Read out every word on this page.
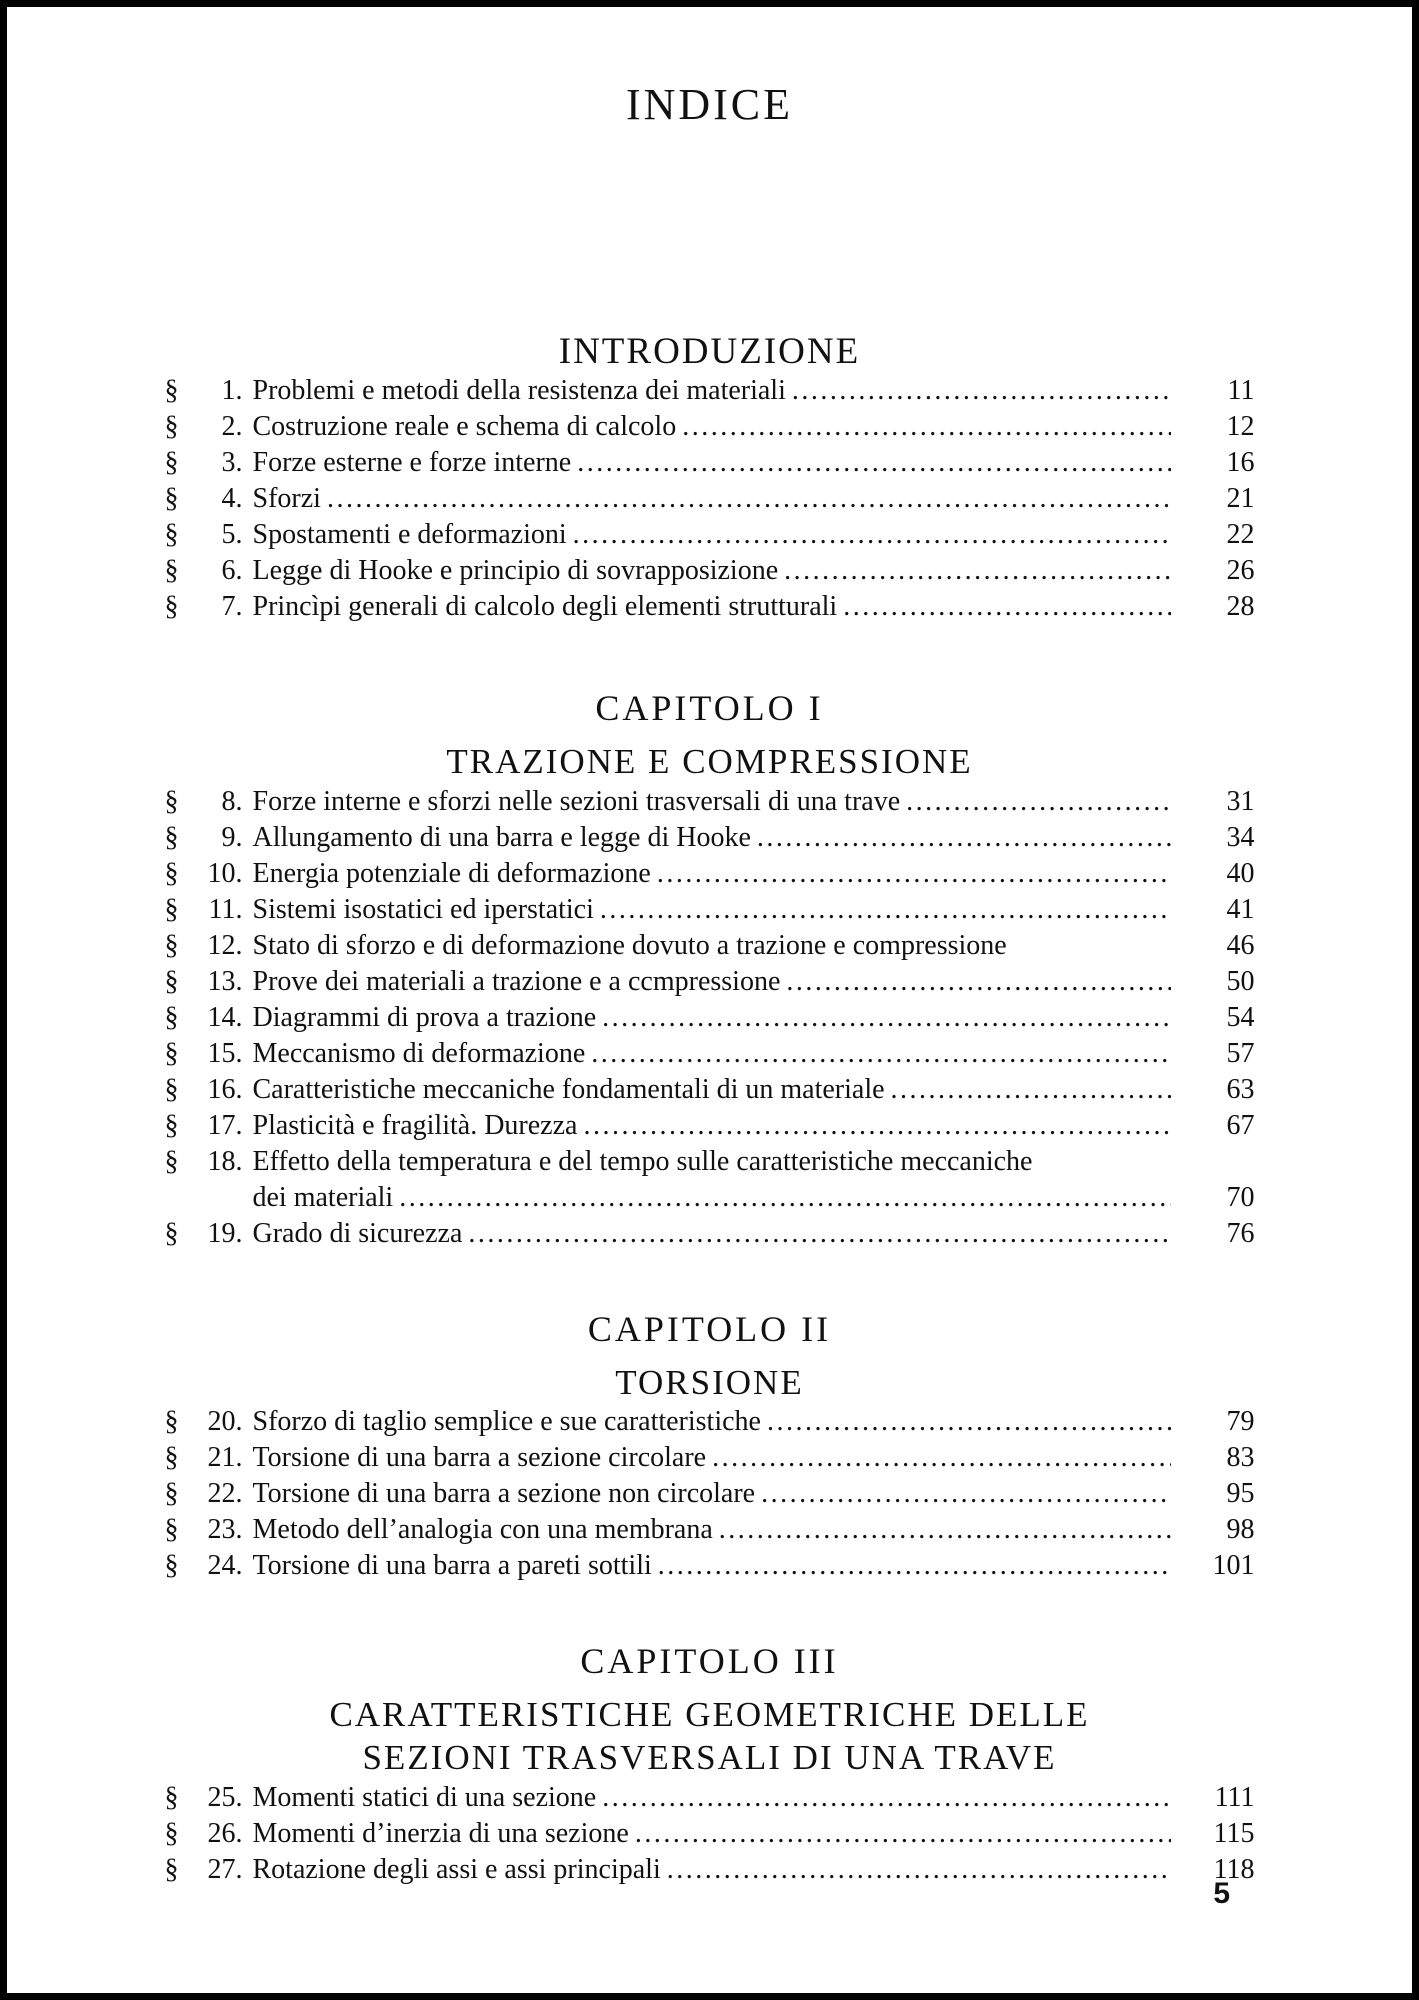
INDICE
INTRODUZIONE
§	1. Problemi e metodi della resistenza dei materiali .....	11
§	2. Costruzione reale e schema di calcolo .....	12
§	3. Forze esterne e forze interne .....	16
§	4. Sforzi .....	21
§	5. Spostamenti e deformazioni .....	22
§	6. Legge di Hooke e principio di sovrapposizione .....	26
§	7. Princìpi generali di calcolo degli elementi strutturali .....	28
CAPITOLO I
TRAZIONE E COMPRESSIONE
§	8. Forze interne e sforzi nelle sezioni trasversali di una trave .....	31
§	9. Allungamento di una barra e legge di Hooke .....	34
§	10. Energia potenziale di deformazione .....	40
§	11. Sistemi isostatici ed iperstatici .....	41
§	12. Stato di sforzo e di deformazione dovuto a trazione e compressione	46
§	13. Prove dei materiali a trazione e a ccmpressione .....	50
§	14. Diagrammi di prova a trazione .....	54
§	15. Meccanismo di deformazione .....	57
§	16. Caratteristiche meccaniche fondamentali di un materiale .....	63
§	17. Plasticità e fragilità. Durezza .....	67
§	18. Effetto della temperatura e del tempo sulle caratteristiche meccaniche
dei materiali .....	70
§	19. Grado di sicurezza .....	76
CAPITOLO II
TORSIONE
§	20. Sforzo di taglio semplice e sue caratteristiche .....	79
§	21. Torsione di una barra a sezione circolare .....	83
§	22. Torsione di una barra a sezione non circolare .....	95
§	23. Metodo dell’analogia con una membrana .....	98
§	24. Torsione di una barra a pareti sottili .....	101
CAPITOLO III
CARATTERISTICHE GEOMETRICHE DELLE
SEZIONI TRASVERSALI DI UNA TRAVE
§	25. Momenti statici di una sezione .....	111
§	26. Momenti d’inerzia di una sezione .....	115
§	27. Rotazione degli assi e assi principali .....	118
5
